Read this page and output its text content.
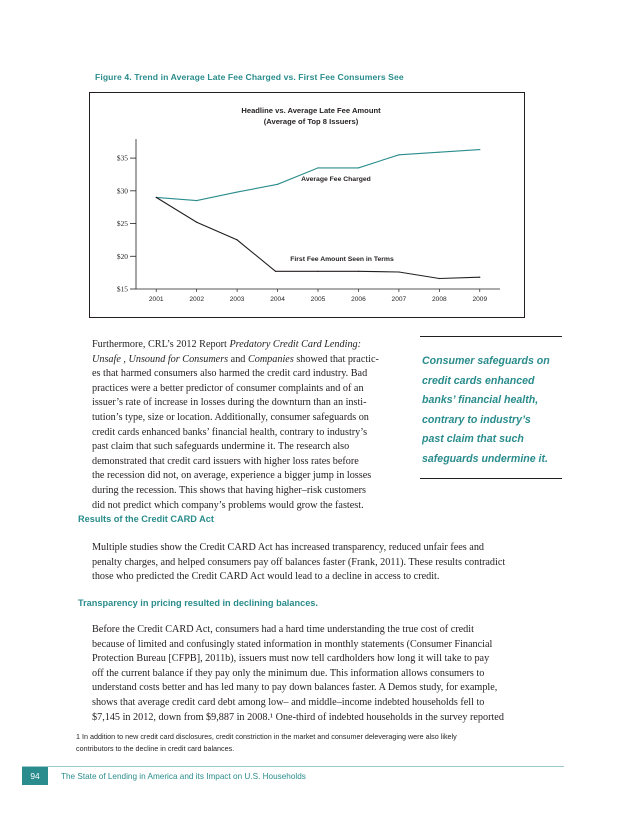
Figure 4. Trend in Average Late Fee Charged vs. First Fee Consumers See
Headline vs. Average Late Fee Amount
(Average of Top 8 Issuers)
$15
$20
$25
$30
$35
2001	2002	2003	2004	2005	2006	2007	2008	2009
Average Fee Charged
First Fee Amount Seen in Terms
Furthermore, CRL’s 2012 Report Predatory Credit Card Lending:
Unsafe , Unsound for Consumers and Companies showed that practic-
es that harmed consumers also harmed the credit card industry. Bad
practices were a better predictor of consumer complaints and of an
issuer’s rate of increase in losses during the downturn than an insti-
tution’s type, size or location. Additionally, consumer safeguards on
credit cards enhanced banks’ financial health, contrary to industry’s
past claim that such safeguards undermine it. The research also
demonstrated that credit card issuers with higher loss rates before
the recession did not, on average, experience a bigger jump in losses
during the recession. This shows that having higher–risk customers
did not predict which company’s problems would grow the fastest.
Consumer safeguards on
credit cards enhanced
banks’ financial health,
contrary to industry’s
past claim that such
safeguards undermine it.
Results of the Credit CARD Act
Multiple studies show the Credit CARD Act has increased transparency, reduced unfair fees and
penalty charges, and helped consumers pay off balances faster (Frank, 2011). These results contradict
those who predicted the Credit CARD Act would lead to a decline in access to credit.
Transparency in pricing resulted in declining balances.
Before the Credit CARD Act, consumers had a hard time understanding the true cost of credit
because of limited and confusingly stated information in monthly statements (Consumer Financial
Protection Bureau [CFPB], 2011b), issuers must now tell cardholders how long it will take to pay
off the current balance if they pay only the minimum due. This information allows consumers to
understand costs better and has led many to pay down balances faster. A Demos study, for example,
shows that average credit card debt among low– and middle–income indebted households fell to
$7,145 in 2012, down from $9,887 in 2008.¹ One-third of indebted households in the survey reported
1 In addition to new credit card disclosures, credit constriction in the market and consumer deleveraging were also likely
contributors to the decline in credit card balances.
94	The State of Lending in America and its Impact on U.S. Households
